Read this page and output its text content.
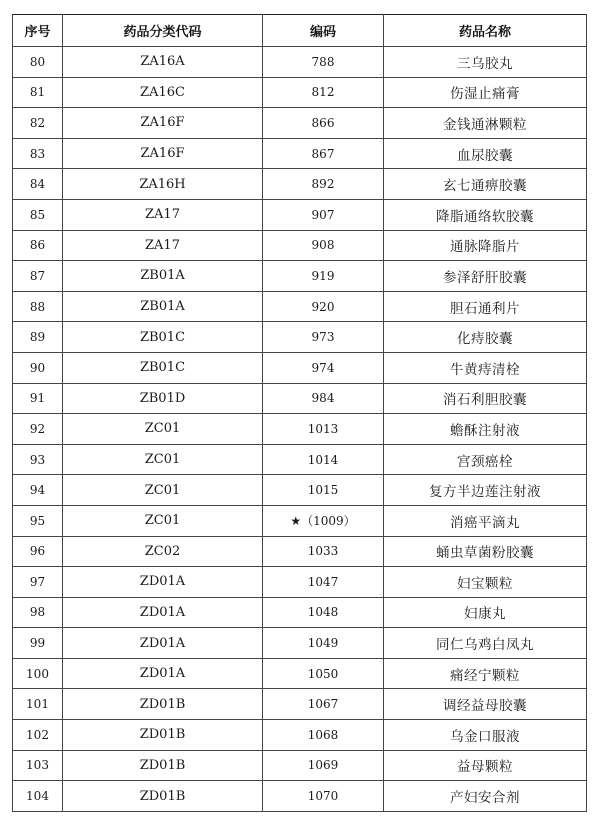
序号	药品分类代码	编码	药品名称
80	ZA16A	788	三乌胶丸
81	ZA16C	812	伤湿止痛膏
82	ZA16F	866	金钱通淋颗粒
83	ZA16F	867	血尿胶囊
84	ZA16H	892	玄七通痹胶囊
85	ZA17	907	降脂通络软胶囊
86	ZA17	908	通脉降脂片
87	ZB01A	919	参泽舒肝胶囊
88	ZB01A	920	胆石通利片
89	ZB01C	973	化痔胶囊
90	ZB01C	974	牛黄痔清栓
91	ZB01D	984	消石利胆胶囊
92	ZC01	1013	蟾酥注射液
93	ZC01	1014	宫颈癌栓
94	ZC01	1015	复方半边莲注射液
95	ZC01	★（1009）	消癌平滴丸
96	ZC02	1033	蛹虫草菌粉胶囊
97	ZD01A	1047	妇宝颗粒
98	ZD01A	1048	妇康丸
99	ZD01A	1049	同仁乌鸡白凤丸
100	ZD01A	1050	痛经宁颗粒
101	ZD01B	1067	调经益母胶囊
102	ZD01B	1068	乌金口服液
103	ZD01B	1069	益母颗粒
104	ZD01B	1070	产妇安合剂
